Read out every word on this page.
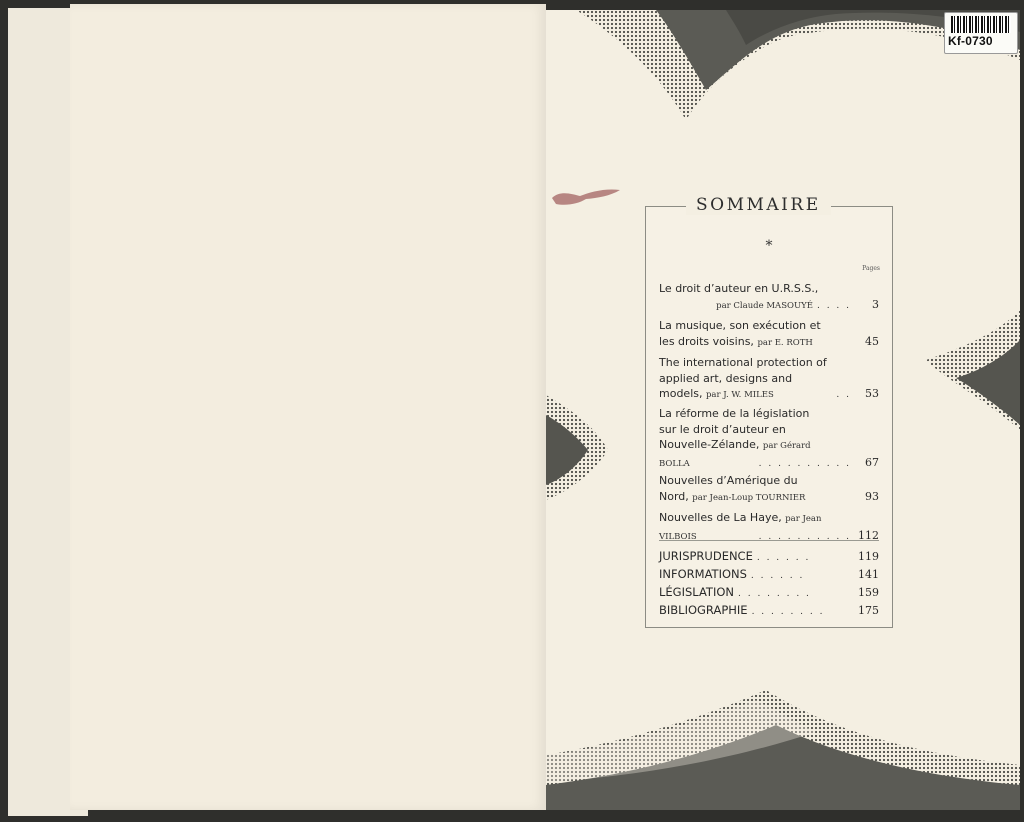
Kf-0730
SOMMAIRE
*
Pages
Le droit d’auteur en U.R.S.S.,
par Claude MASOUYÉ . . . .	3
La musique, son exécution et
les droits voisins, par E. ROTH	45
The international protection of
applied art, designs and
models, par J. W. MILES	. .	53
La réforme de la législation
sur le droit d’auteur en
Nouvelle-Zélande, par Gérard
BOLLA	. . . . . . . . . .	67
Nouvelles d’Amérique du
Nord, par Jean-Loup TOURNIER	93
Nouvelles de La Haye, par Jean
VILBOIS	. . . . . . . . . . 112
JURISPRUDENCE . . . . . .	119
INFORMATIONS . . . . . .	141
LÉGISLATION . . . . . . . .	159
BIBLIOGRAPHIE . . . . . . . .	175
